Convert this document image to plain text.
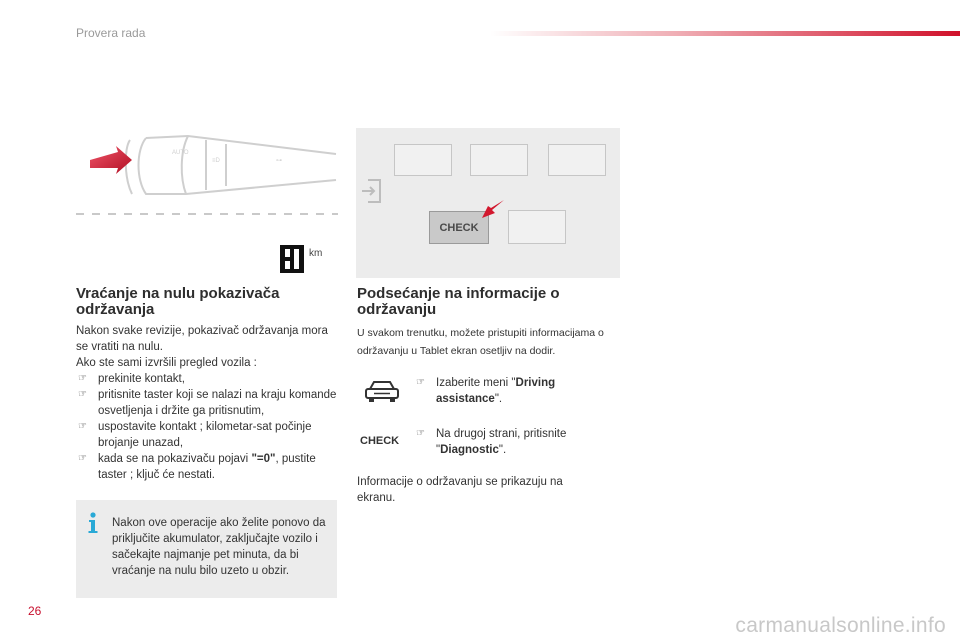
Provera rada
AUTO
≡D	⊶
km
CHECK
Vraćanje na nulu pokazivača održavanja
Nakon svake revizije, pokazivač održavanja mora se vratiti na nulu.
Ako ste sami izvršili pregled vozila :
☞ prekinite kontakt,
☞ pritisnite taster koji se nalazi na kraju komande osvetljenja i držite ga pritisnutim,
☞ uspostavite kontakt ; kilometar-sat počinje brojanje unazad,
☞ kada se na pokazivaču pojavi "=0", pustite taster ; ključ će nestati.
Nakon ove operacije ako želite ponovo da priključite akumulator, zaključajte vozilo i sačekajte najmanje pet minuta, da bi vraćanje na nulu bilo uzeto u obzir.
Podsećanje na informacije o održavanju
U svakom trenutku, možete pristupiti informacijama o održavanju u Tablet ekran osetljiv na dodir.
☞ Izaberite meni "Driving assistance".
CHECK
☞ Na drugoj strani, pritisnite "Diagnostic".
Informacije o održavanju se prikazuju na ekranu.
26
carmanualsonline.info
